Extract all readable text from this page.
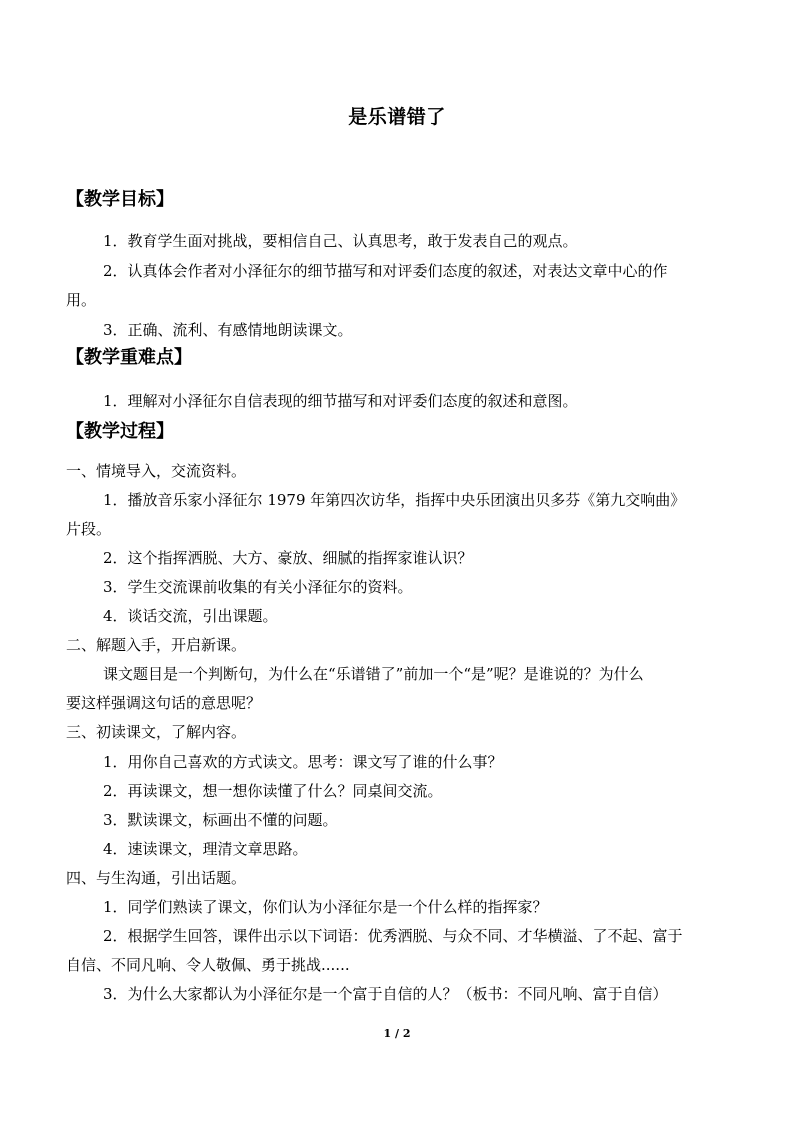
是乐谱错了
【教学目标】
1．教育学生面对挑战，要相信自己、认真思考，敢于发表自己的观点。
2．认真体会作者对小泽征尔的细节描写和对评委们态度的叙述，对表达文章中心的作
用。
3．正确、流利、有感情地朗读课文。
【教学重难点】
1．理解对小泽征尔自信表现的细节描写和对评委们态度的叙述和意图。
【教学过程】
一、情境导入，交流资料。
1．播放音乐家小泽征尔 1979 年第四次访华，指挥中央乐团演出贝多芬《第九交响曲》
片段。
2．这个指挥洒脱、大方、豪放、细腻的指挥家谁认识？
3．学生交流课前收集的有关小泽征尔的资料。
4．谈话交流，引出课题。
二、解题入手，开启新课。
课文题目是一个判断句，为什么在“乐谱错了”前加一个“是”呢？是谁说的？为什么
要这样强调这句话的意思呢？
三、初读课文，了解内容。
1．用你自己喜欢的方式读文。思考：课文写了谁的什么事？
2．再读课文，想一想你读懂了什么？同桌间交流。
3．默读课文，标画出不懂的问题。
4．速读课文，理清文章思路。
四、与生沟通，引出话题。
1．同学们熟读了课文，你们认为小泽征尔是一个什么样的指挥家？
2．根据学生回答，课件出示以下词语：优秀洒脱、与众不同、才华横溢、了不起、富于
自信、不同凡响、令人敬佩、勇于挑战......
3．为什么大家都认为小泽征尔是一个富于自信的人？（板书：不同凡响、富于自信）
1 / 2
